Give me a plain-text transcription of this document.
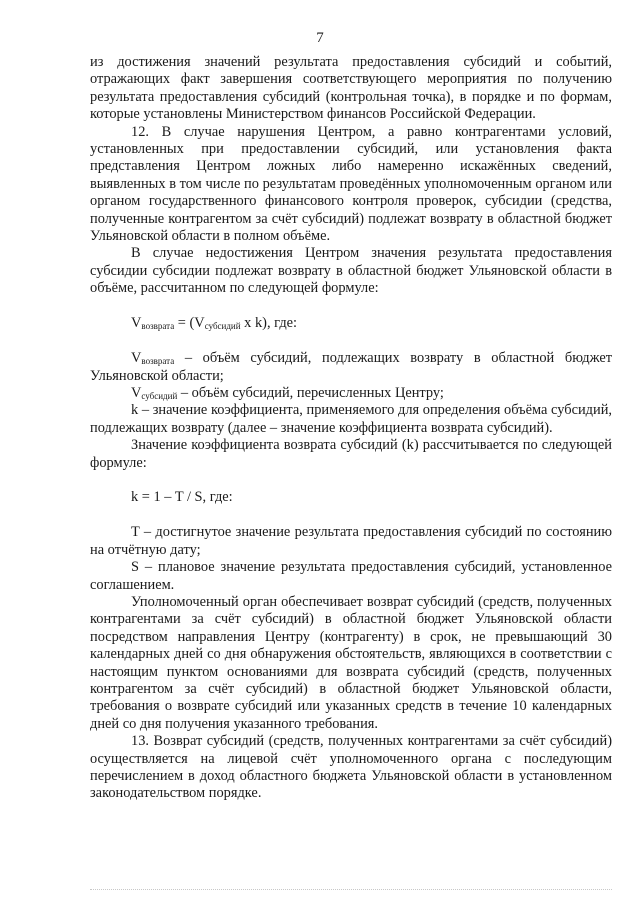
7

из достижения значений результата предоставления субсидий и событий, отражающих факт завершения соответствующего мероприятия по получению результата предоставления субсидий (контрольная точка), в порядке и по формам, которые установлены Министерством финансов Российской Федерации.

12. В случае нарушения Центром, а равно контрагентами условий, установленных при предоставлении субсидий, или установления факта представления Центром ложных либо намеренно искажённых сведений, выявленных в том числе по результатам проведённых уполномоченным органом или органом государственного финансового контроля проверок, субсидии (средства, полученные контрагентом за счёт субсидий) подлежат возврату в областной бюджет Ульяновской области в полном объёме.

В случае недостижения Центром значения результата предоставления субсидии субсидии подлежат возврату в областной бюджет Ульяновской области в объёме, рассчитанном по следующей формуле:

$V_{возврата} = (V_{субсидий}$ x k), где:

$V_{возврата}$ – объём субсидий, подлежащих возврату в областной бюджет Ульяновской области;

$V_{субсидий}$ – объём субсидий, перечисленных Центру;

k – значение коэффициента, применяемого для определения объёма субсидий, подлежащих возврату (далее – значение коэффициента возврата субсидий).

Значение коэффициента возврата субсидий (k) рассчитывается по следующей формуле:

k = 1 – T / S, где:

T – достигнутое значение результата предоставления субсидий по состоянию на отчётную дату;

S – плановое значение результата предоставления субсидий, установленное соглашением.

Уполномоченный орган обеспечивает возврат субсидий (средств, полученных контрагентами за счёт субсидий) в областной бюджет Ульяновской области посредством направления Центру (контрагенту) в срок, не превышающий 30 календарных дней со дня обнаружения обстоятельств, являющихся в соответствии с настоящим пунктом основаниями для возврата субсидий (средств, полученных контрагентом за счёт субсидий) в областной бюджет Ульяновской области, требования о возврате субсидий или указанных средств в течение 10 календарных дней со дня получения указанного требования.

13. Возврат субсидий (средств, полученных контрагентами за счёт субсидий) осуществляется на лицевой счёт уполномоченного органа с последующим перечислением в доход областного бюджета Ульяновской области в установленном законодательством порядке.
